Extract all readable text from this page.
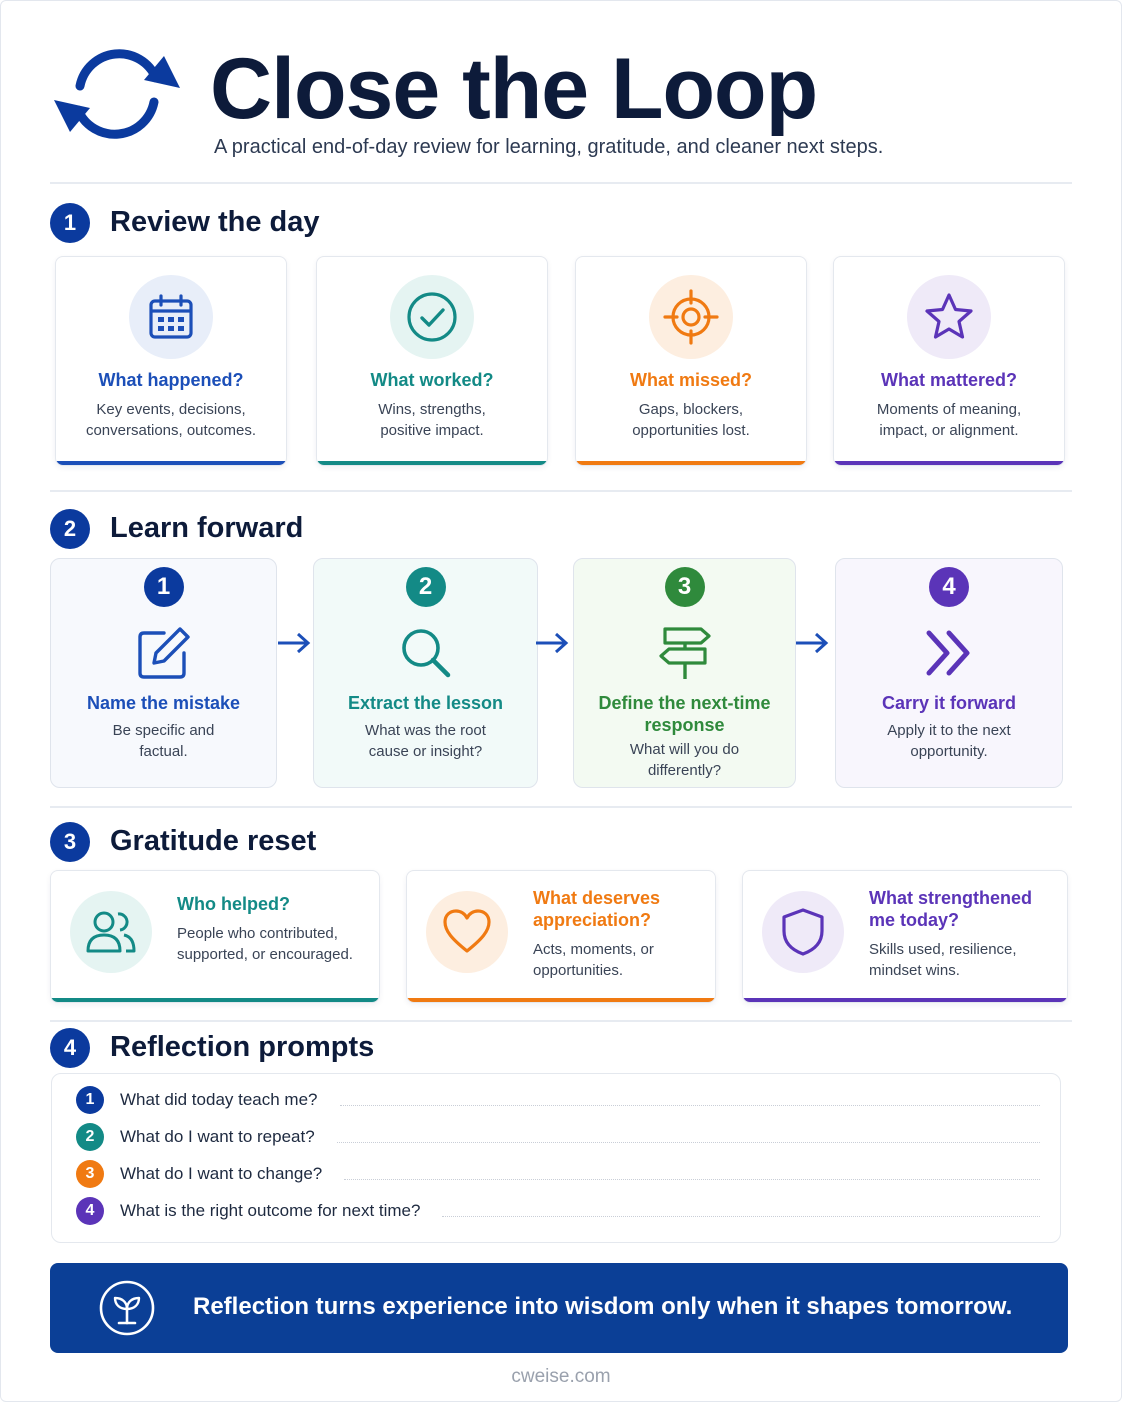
Close the Loop
A practical end-of-day review for learning, gratitude, and cleaner next steps.
1	Review the day
What happened?
Key events, decisions,
conversations, outcomes.
What worked?
Wins, strengths,
positive impact.
What missed?
Gaps, blockers,
opportunities lost.
What mattered?
Moments of meaning,
impact, or alignment.
2	Learn forward
1
Name the mistake
Be specific and
factual.
2
Extract the lesson
What was the root
cause or insight?
3
Define the next-time
response
What will you do
differently?
4
Carry it forward
Apply it to the next
opportunity.
3	Gratitude reset
Who helped?
People who contributed,
supported, or encouraged.
What deserves
appreciation?
Acts, moments, or
opportunities.
What strengthened
me today?
Skills used, resilience,
mindset wins.
4	Reflection prompts
1	What did today teach me?
2	What do I want to repeat?
3	What do I want to change?
4	What is the right outcome for next time?
Reflection turns experience into wisdom only when it shapes tomorrow.
cweise.com
